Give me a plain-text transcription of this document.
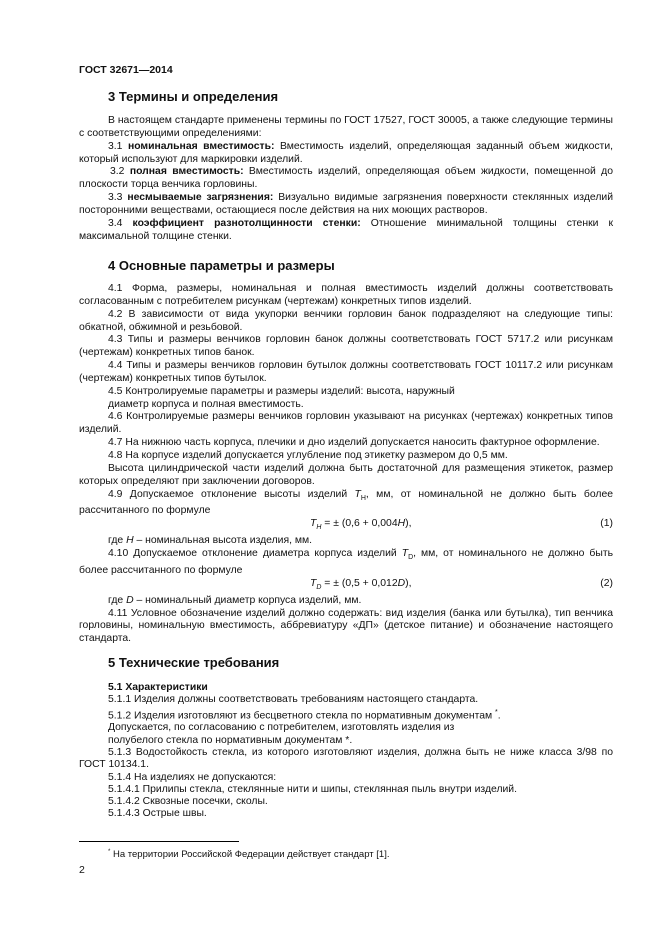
ГОСТ 32671—2014
3 Термины и определения

В настоящем стандарте применены термины по ГОСТ 17527, ГОСТ 30005, а также следующие термины с соответствующими определениями:

3.1 номинальная вместимость: Вместимость изделий, определяющая заданный объем жидкости, который используют для маркировки изделий.

3.2 полная вместимость: Вместимость изделий, определяющая объем жидкости, помещенной до плоскости торца венчика горловины.

3.3 несмываемые загрязнения: Визуально видимые загрязнения поверхности стеклянных изделий посторонними веществами, остающиеся после действия на них моющих растворов.

3.4 коэффициент разнотолщинности стенки: Отношение минимальной толщины стенки к максимальной толщине стенки.

4 Основные параметры и размеры

4.1 Форма, размеры, номинальная и полная вместимость изделий должны соответствовать согласованным с потребителем рисункам (чертежам) конкретных типов изделий.

4.2 В зависимости от вида укупорки венчики горловин банок подразделяют на следующие типы: обкатной, обжимной и резьбовой.

4.3 Типы и размеры венчиков горловин банок должны соответствовать ГОСТ 5717.2 или рисункам (чертежам) конкретных типов банок.

4.4 Типы и размеры венчиков горловин бутылок должны соответствовать ГОСТ 10117.2 или рисункам (чертежам) конкретных типов бутылок.

4.5 Контролируемые параметры и размеры изделий: высота, наружный

диаметр корпуса и полная вместимость.

4.6 Контролируемые размеры венчиков горловин указывают на рисунках (чертежах) конкретных типов изделий.

4.7 На нижнюю часть корпуса, плечики и дно изделий допускается наносить фактурное оформление.

4.8 На корпусе изделий допускается углубление под этикетку размером до 0,5 мм.

Высота цилиндрической части изделий должна быть достаточной для размещения этикеток, размер которых определяют при заключении договоров.

4.9 Допускаемое отклонение высоты изделий $T_H$, мм, от номинальной не должно быть более рассчитанного по формуле

$T_H$ = ± (0,6 + 0,004H),	(1)

где H – номинальная высота изделия, мм.

4.10 Допускаемое отклонение диаметра корпуса изделий $T_D$, мм, от номинального не должно быть более рассчитанного по формуле

$T_D$ = ± (0,5 + 0,012D),	(2)

где D – номинальный диаметр корпуса изделий, мм.

4.11 Условное обозначение изделий должно содержать: вид изделия (банка или бутылка), тип венчика горловины, номинальную вместимость, аббревиатуру «ДП» (детское питание) и обозначение настоящего стандарта.

5 Технические требования

5.1 Характеристики

5.1.1 Изделия должны соответствовать требованиям настоящего стандарта.

5.1.2 Изделия изготовляют из бесцветного стекла по нормативным документам *.

Допускается, по согласованию с потребителем, изготовлять изделия из

полубелого стекла по нормативным документам *.

5.1.3 Водостойкость стекла, из которого изготовляют изделия, должна быть не ниже класса 3/98 по ГОСТ 10134.1.

5.1.4 На изделиях не допускаются:

5.1.4.1 Прилипы стекла, стеклянные нити и шипы, стеклянная пыль внутри изделий.

5.1.4.2 Сквозные посечки, сколы.

5.1.4.3 Острые швы.

* На территории Российской Федерации действует стандарт [1].
2
